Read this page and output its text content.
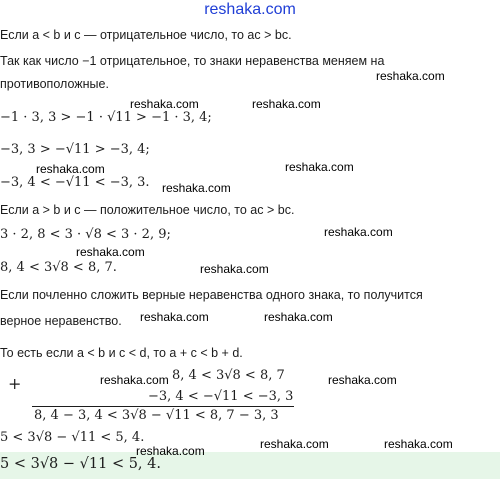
reshaka.com
Если a < b и c — отрицательное число, то ac > bc.
Так как число −1 отрицательное, то знаки неравенства меняем на
противоположные.
−1 · 3, 3 > −1 · √11 > −1 · 3, 4;
−3, 3 > −√11 > −3, 4;
−3, 4 < −√11 < −3, 3.
Если a > b и c — положительное число, то ac > bc.
3 · 2, 8 < 3 · √8 < 3 · 2, 9;
8, 4 < 3√8 < 8, 7.
Если почленно сложить верные неравенства одного знака, то получится
верное неравенство.
То есть если a < b и c < d, то a + c < b + d.
+	8, 4 < 3√8 < 8, 7
−3, 4 < −√11 < −3, 3
8, 4 − 3, 4 < 3√8 − √11 < 8, 7 − 3, 3
5 < 3√8 − √11 < 5, 4.
5 < 3√8 − √11 < 5, 4.
reshaka.com
reshaka.com	reshaka.com
reshaka.com
reshaka.com
reshaka.com
reshaka.com
reshaka.com
reshaka.com
reshaka.com	reshaka.com
reshaka.com	reshaka.com
reshaka.com	reshaka.com
reshaka.com
